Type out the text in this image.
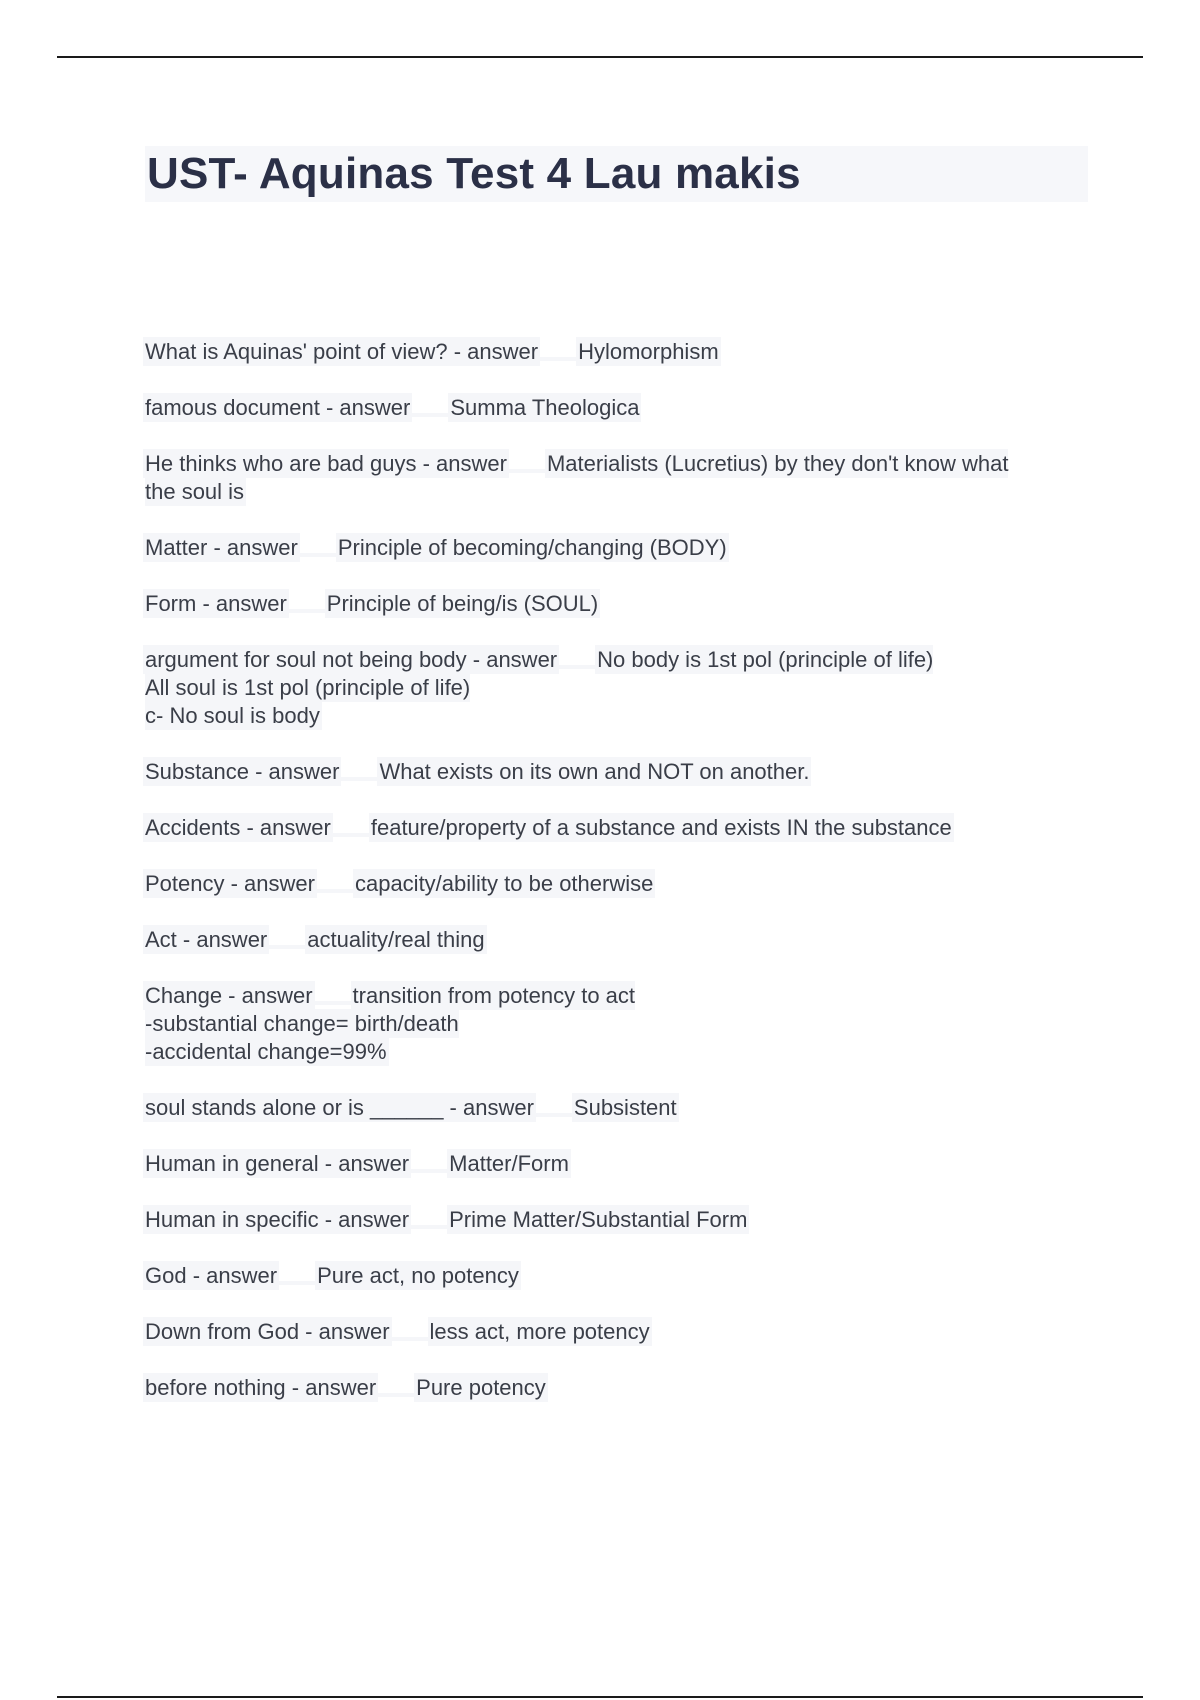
UST- Aquinas Test 4 Lau makis

What is Aquinas' point of view? - answer Hylomorphism

famous document - answer Summa Theologica

He thinks who are bad guys - answer Materialists (Lucretius) by they don't know what the soul is

Matter - answer Principle of becoming/changing (BODY)

Form - answer Principle of being/is (SOUL)

argument for soul not being body - answer No body is 1st pol (principle of life)
All soul is 1st pol (principle of life)
c- No soul is body

Substance - answer What exists on its own and NOT on another.

Accidents - answer feature/property of a substance and exists IN the substance

Potency - answer capacity/ability to be otherwise

Act - answer actuality/real thing

Change - answer transition from potency to act
-substantial change= birth/death
-accidental change=99%

soul stands alone or is ______ - answer Subsistent

Human in general - answer Matter/Form

Human in specific - answer Prime Matter/Substantial Form

God - answer Pure act, no potency

Down from God - answer less act, more potency

before nothing - answer Pure potency
